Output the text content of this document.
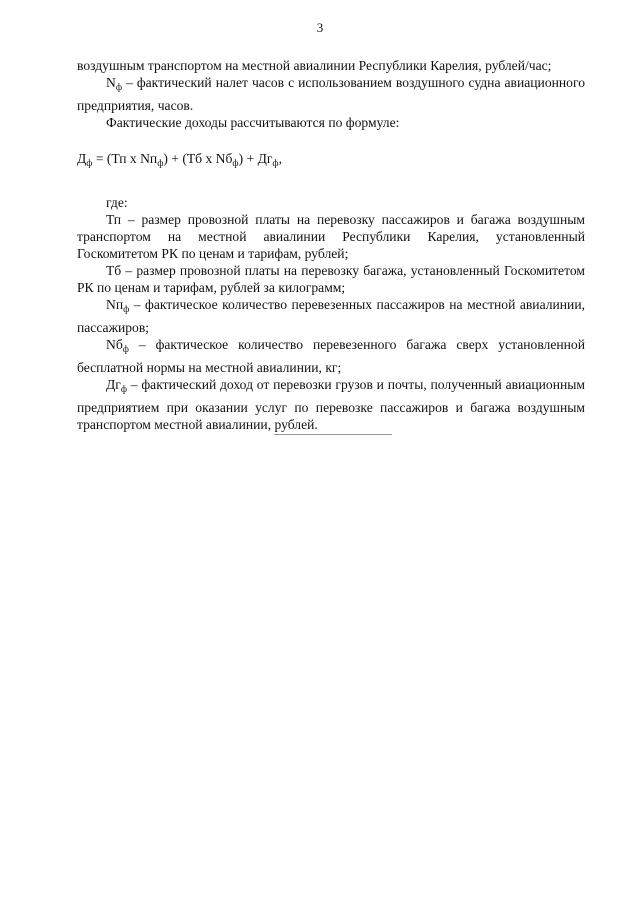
3

воздушным транспортом на местной авиалинии Республики Карелия, рублей/час;

$N_ф$ – фактический налет часов с использованием воздушного судна авиационного предприятия, часов.

Фактические доходы рассчитываются по формуле:

$Д_ф = (Тп$ х $Nп_ф) + (Тб$ х $Nб_ф) + Дг_ф$,

где:

Тп – размер провозной платы на перевозку пассажиров и багажа воздушным транспортом на местной авиалинии Республики Карелия, установленный Госкомитетом РК по ценам и тарифам, рублей;

Тб – размер провозной платы на перевозку багажа, установленный Госкомитетом РК по ценам и тарифам, рублей за килограмм;

$Nп_ф$ – фактическое количество перевезенных пассажиров на местной авиалинии, пассажиров;

$Nб_ф$ – фактическое количество перевезенного багажа сверх установленной бесплатной нормы на местной авиалинии, кг;

$Дг_ф$ – фактический доход от перевозки грузов и почты, полученный авиационным предприятием при оказании услуг по перевозке пассажиров и багажа воздушным транспортом местной авиалинии, рублей.
